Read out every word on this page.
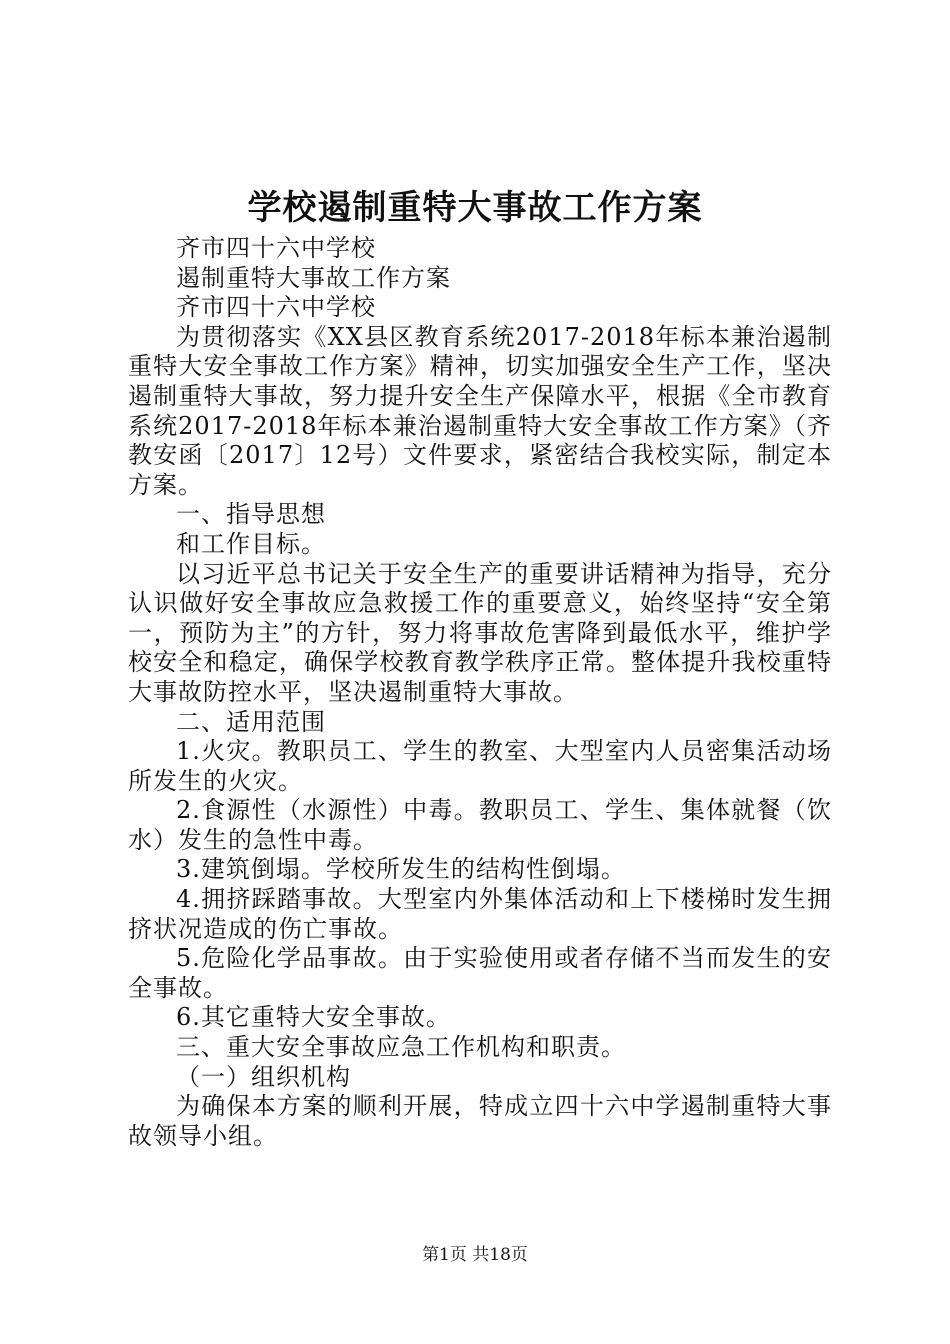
学校遏制重特大事故工作方案

齐市四十六中学校

遏制重特大事故工作方案

齐市四十六中学校

为贯彻落实《XX县区教育系统2017-2018年标本兼治遏制重特大安全事故工作方案》精神，切实加强安全生产工作，坚决遏制重特大事故，努力提升安全生产保障水平，根据《全市教育系统2017-2018年标本兼治遏制重特大安全事故工作方案》（齐教安函〔2017〕12号）文件要求，紧密结合我校实际，制定本方案。

一、指导思想

和工作目标。

以习近平总书记关于安全生产的重要讲话精神为指导，充分认识做好安全事故应急救援工作的重要意义，始终坚持“安全第一，预防为主”的方针，努力将事故危害降到最低水平，维护学校安全和稳定，确保学校教育教学秩序正常。整体提升我校重特大事故防控水平，坚决遏制重特大事故。

二、适用范围

1.火灾。教职员工、学生的教室、大型室内人员密集活动场所发生的火灾。

2.食源性（水源性）中毒。教职员工、学生、集体就餐（饮水）发生的急性中毒。

3.建筑倒塌。学校所发生的结构性倒塌。

4.拥挤踩踏事故。大型室内外集体活动和上下楼梯时发生拥挤状况造成的伤亡事故。

5.危险化学品事故。由于实验使用或者存储不当而发生的安全事故。

6.其它重特大安全事故。

三、重大安全事故应急工作机构和职责。

（一）组织机构

为确保本方案的顺利开展，特成立四十六中学遏制重特大事故领导小组。

第1页 共18页
